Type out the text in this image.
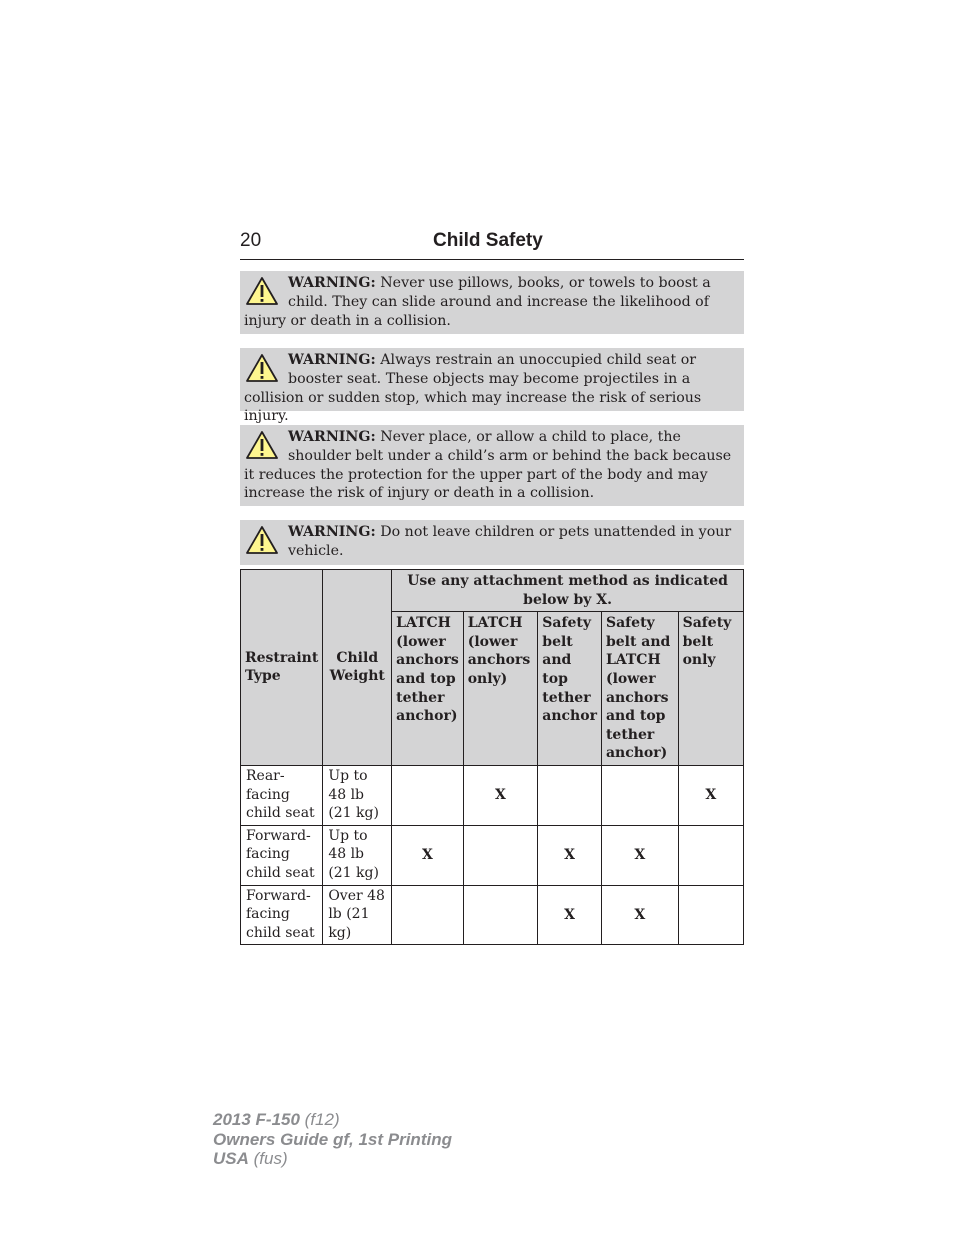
20	Child Safety
WARNING: Never use pillows, books, or towels to boost a child. They can slide around and increase the likelihood of injury or death in a collision.
WARNING: Always restrain an unoccupied child seat or booster seat. These objects may become projectiles in a collision or sudden stop, which may increase the risk of serious injury.
WARNING: Never place, or allow a child to place, the shoulder belt under a child’s arm or behind the back because it reduces the protection for the upper part of the body and may increase the risk of injury or death in a collision.
WARNING: Do not leave children or pets unattended in your vehicle.
Restraint Type	Child Weight	Use any attachment method as indicated below by X.				
		LATCH (lower anchors and top tether anchor)	LATCH (lower anchors only)	Safety belt and top tether anchor	Safety belt and LATCH (lower anchors and top tether anchor)	Safety belt only
Rear-facing child seat	Up to 48 lb (21 kg)		X			X
Forward-facing child seat	Up to 48 lb (21 kg)	X		X	X	
Forward-facing child seat	Over 48 lb (21 kg)			X	X	
2013 F-150 (f12)
Owners Guide gf, 1st Printing
USA (fus)
